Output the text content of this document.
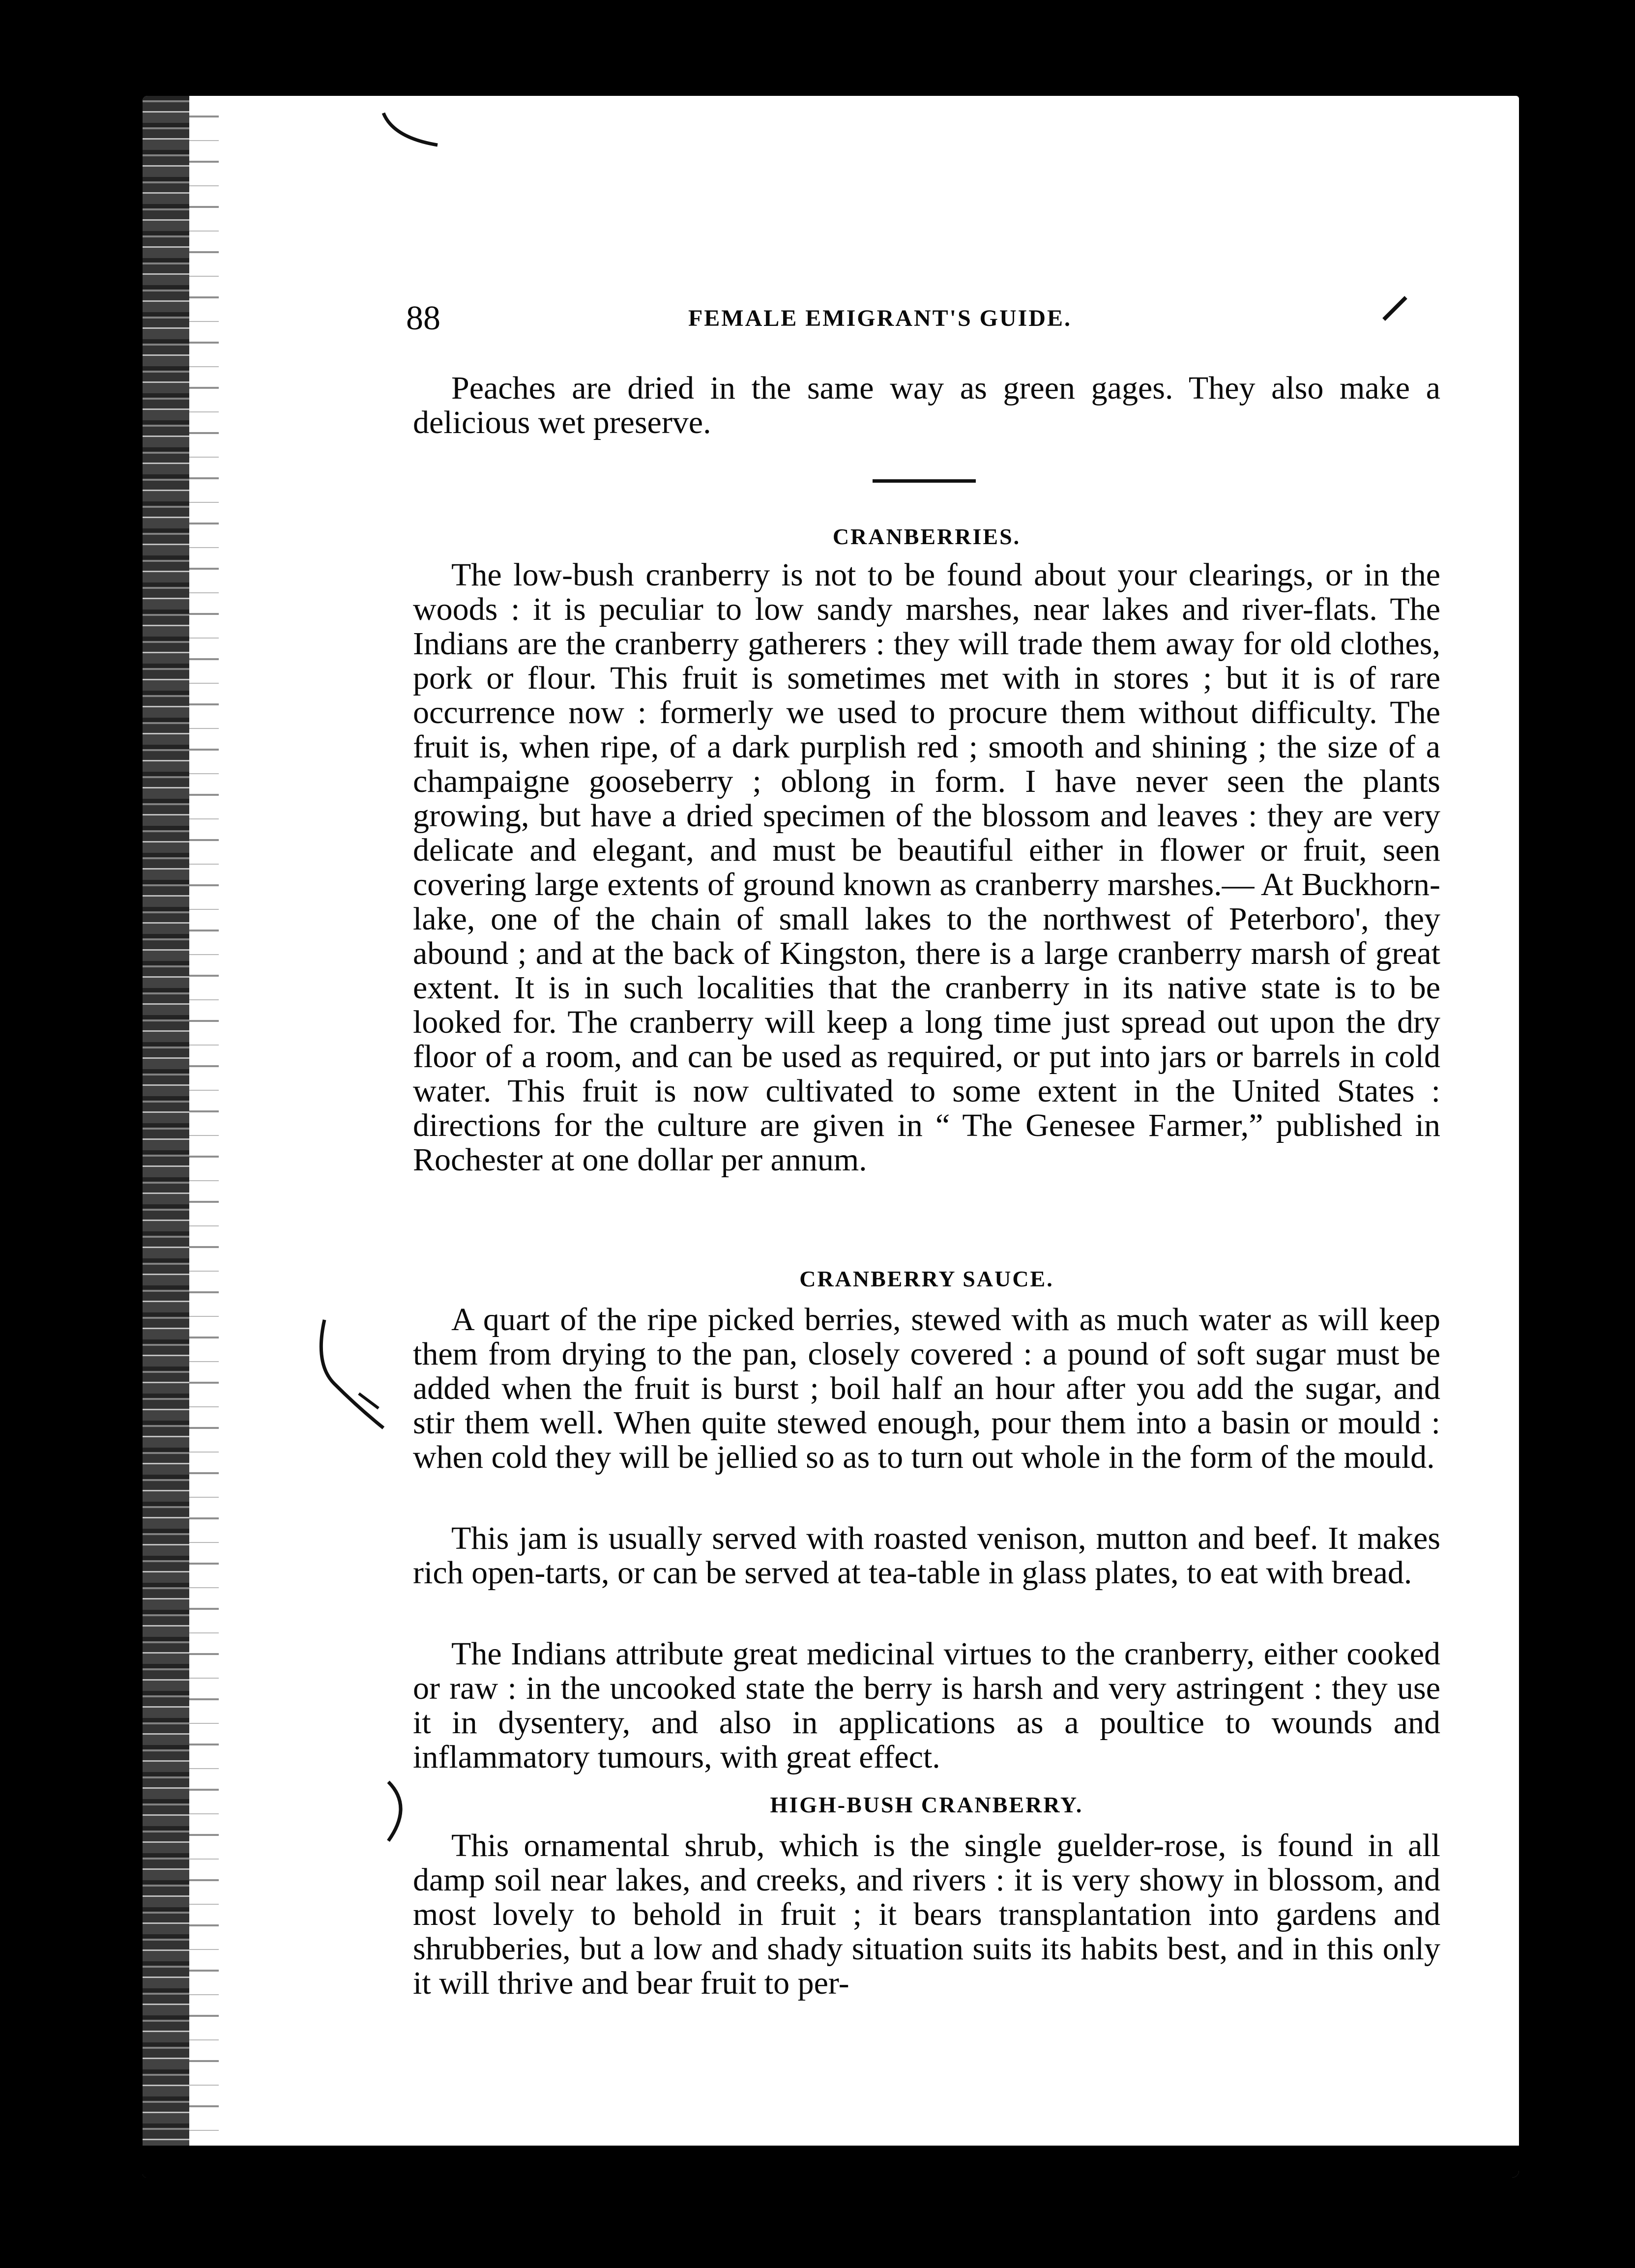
88	FEMALE EMIGRANT'S GUIDE.

Peaches are dried in the same way as green gages. They also make a delicious wet preserve.

CRANBERRIES.

The low-bush cranberry is not to be found about your clearings, or in the woods : it is peculiar to low sandy marshes, near lakes and river-flats. The Indians are the cranberry gatherers : they will trade them away for old clothes, pork or flour. This fruit is sometimes met with in stores ; but it is of rare occurrence now : formerly we used to procure them without difficulty. The fruit is, when ripe, of a dark purplish red ; smooth and shining ; the size of a champaigne gooseberry ; oblong in form. I have never seen the plants growing, but have a dried specimen of the blossom and leaves : they are very delicate and elegant, and must be beautiful either in flower or fruit, seen covering large extents of ground known as cranberry marshes.— At Buckhorn-lake, one of the chain of small lakes to the northwest of Peterboro', they abound ; and at the back of Kingston, there is a large cranberry marsh of great extent. It is in such localities that the cranberry in its native state is to be looked for. The cranberry will keep a long time just spread out upon the dry floor of a room, and can be used as required, or put into jars or barrels in cold water. This fruit is now cultivated to some extent in the United States : directions for the culture are given in “ The Genesee Farmer,” published in Rochester at one dollar per annum.

CRANBERRY SAUCE.

A quart of the ripe picked berries, stewed with as much water as will keep them from drying to the pan, closely covered : a pound of soft sugar must be added when the fruit is burst ; boil half an hour after you add the sugar, and stir them well. When quite stewed enough, pour them into a basin or mould : when cold they will be jellied so as to turn out whole in the form of the mould.

This jam is usually served with roasted venison, mutton and beef. It makes rich open-tarts, or can be served at tea-table in glass plates, to eat with bread.

The Indians attribute great medicinal virtues to the cranberry, either cooked or raw : in the uncooked state the berry is harsh and very astringent : they use it in dysentery, and also in applications as a poultice to wounds and inflammatory tumours, with great effect.

HIGH-BUSH CRANBERRY.

This ornamental shrub, which is the single guelder-rose, is found in all damp soil near lakes, and creeks, and rivers : it is very showy in blossom, and most lovely to behold in fruit ; it bears transplantation into gardens and shrubberies, but a low and shady situation suits its habits best, and in this only it will thrive and bear fruit to per-
